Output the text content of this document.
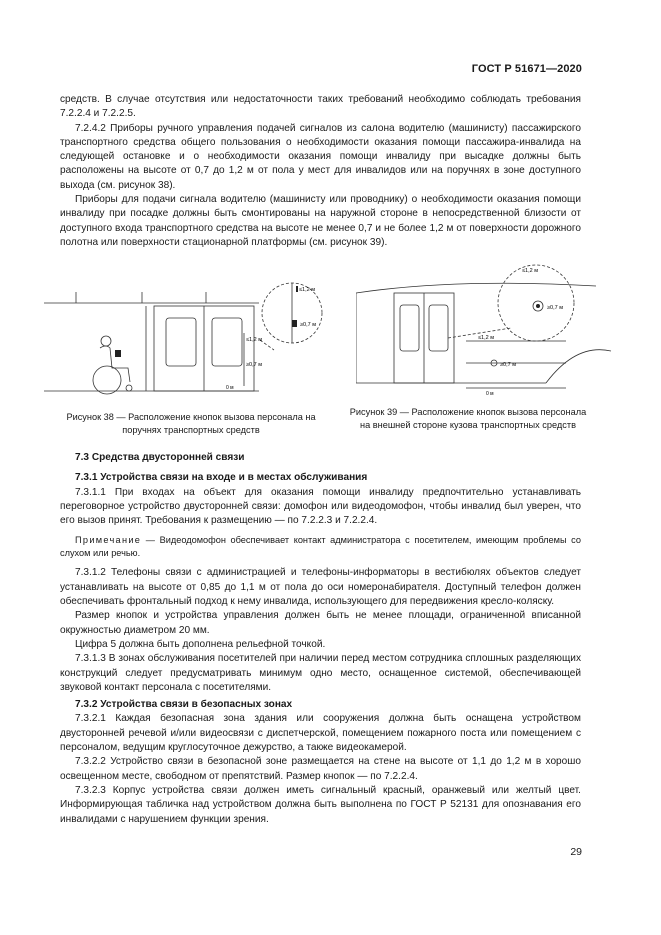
ГОСТ Р 51671—2020

средств. В случае отсутствия или недостаточности таких требований необходимо соблюдать требования 7.2.2.4 и 7.2.2.5.

7.2.4.2 Приборы ручного управления подачей сигналов из салона водителю (машинисту) пассажирского транспортного средства общего пользования о необходимости оказания помощи пассажира-инвалида на следующей остановке и о необходимости оказания помощи инвалиду при высадке должны быть расположены на высоте от 0,7 до 1,2 м от пола у мест для инвалидов или на поручнях в зоне доступного выхода (см. рисунок 38).

Приборы для подачи сигнала водителю (машинисту или проводнику) о необходимости оказания помощи инвалиду при посадке должны быть смонтированы на наружной стороне в непосредственной близости от доступного входа транспортного средства на высоте не менее 0,7 и не более 1,2 м от поверхности дорожного полотна или поверхности стационарной платформы (см. рисунок 39).

≤1,2 м
≥0,7 м
≤1,2 м
≥0,7 м
0 м
Рисунок 38 — Расположение кнопок вызова персонала на поручнях транспортных средств
≤1,2 м
≥0,7 м
≤1,2 м
≥0,7 м
0 м
Рисунок 39 — Расположение кнопок вызова персонала на внешней стороне кузова транспортных средств

7.3 Средства двусторонней связи

7.3.1 Устройства связи на входе и в местах обслуживания

7.3.1.1 При входах на объект для оказания помощи инвалиду предпочтительно устанавливать переговорное устройство двусторонней связи: домофон или видеодомофон, чтобы инвалид был уверен, что его вызов принят. Требования к размещению — по 7.2.2.3 и 7.2.2.4.

Примечание — Видеодомофон обеспечивает контакт администратора с посетителем, имеющим проблемы со слухом или речью.

7.3.1.2 Телефоны связи с администрацией и телефоны-информаторы в вестибюлях объектов следует устанавливать на высоте от 0,85 до 1,1 м от пола до оси номеронабирателя. Доступный телефон должен обеспечивать фронтальный подход к нему инвалида, использующего для передвижения кресло-коляску.

Размер кнопок и устройства управления должен быть не менее площади, ограниченной вписанной окружностью диаметром 20 мм.

Цифра 5 должна быть дополнена рельефной точкой.

7.3.1.3 В зонах обслуживания посетителей при наличии перед местом сотрудника сплошных разделяющих конструкций следует предусматривать минимум одно место, оснащенное системой, обеспечивающей звуковой контакт персонала с посетителями.

7.3.2 Устройства связи в безопасных зонах

7.3.2.1 Каждая безопасная зона здания или сооружения должна быть оснащена устройством двусторонней речевой и/или видеосвязи с диспетчерской, помещением пожарного поста или помещением с персоналом, ведущим круглосуточное дежурство, а также видеокамерой.

7.3.2.2 Устройство связи в безопасной зоне размещается на стене на высоте от 1,1 до 1,2 м в хорошо освещенном месте, свободном от препятствий. Размер кнопок — по 7.2.2.4.

7.3.2.3 Корпус устройства связи должен иметь сигнальный красный, оранжевый или желтый цвет. Информирующая табличка над устройством должна быть выполнена по ГОСТ Р 52131 для опознавания его инвалидами с нарушением функции зрения.

29
